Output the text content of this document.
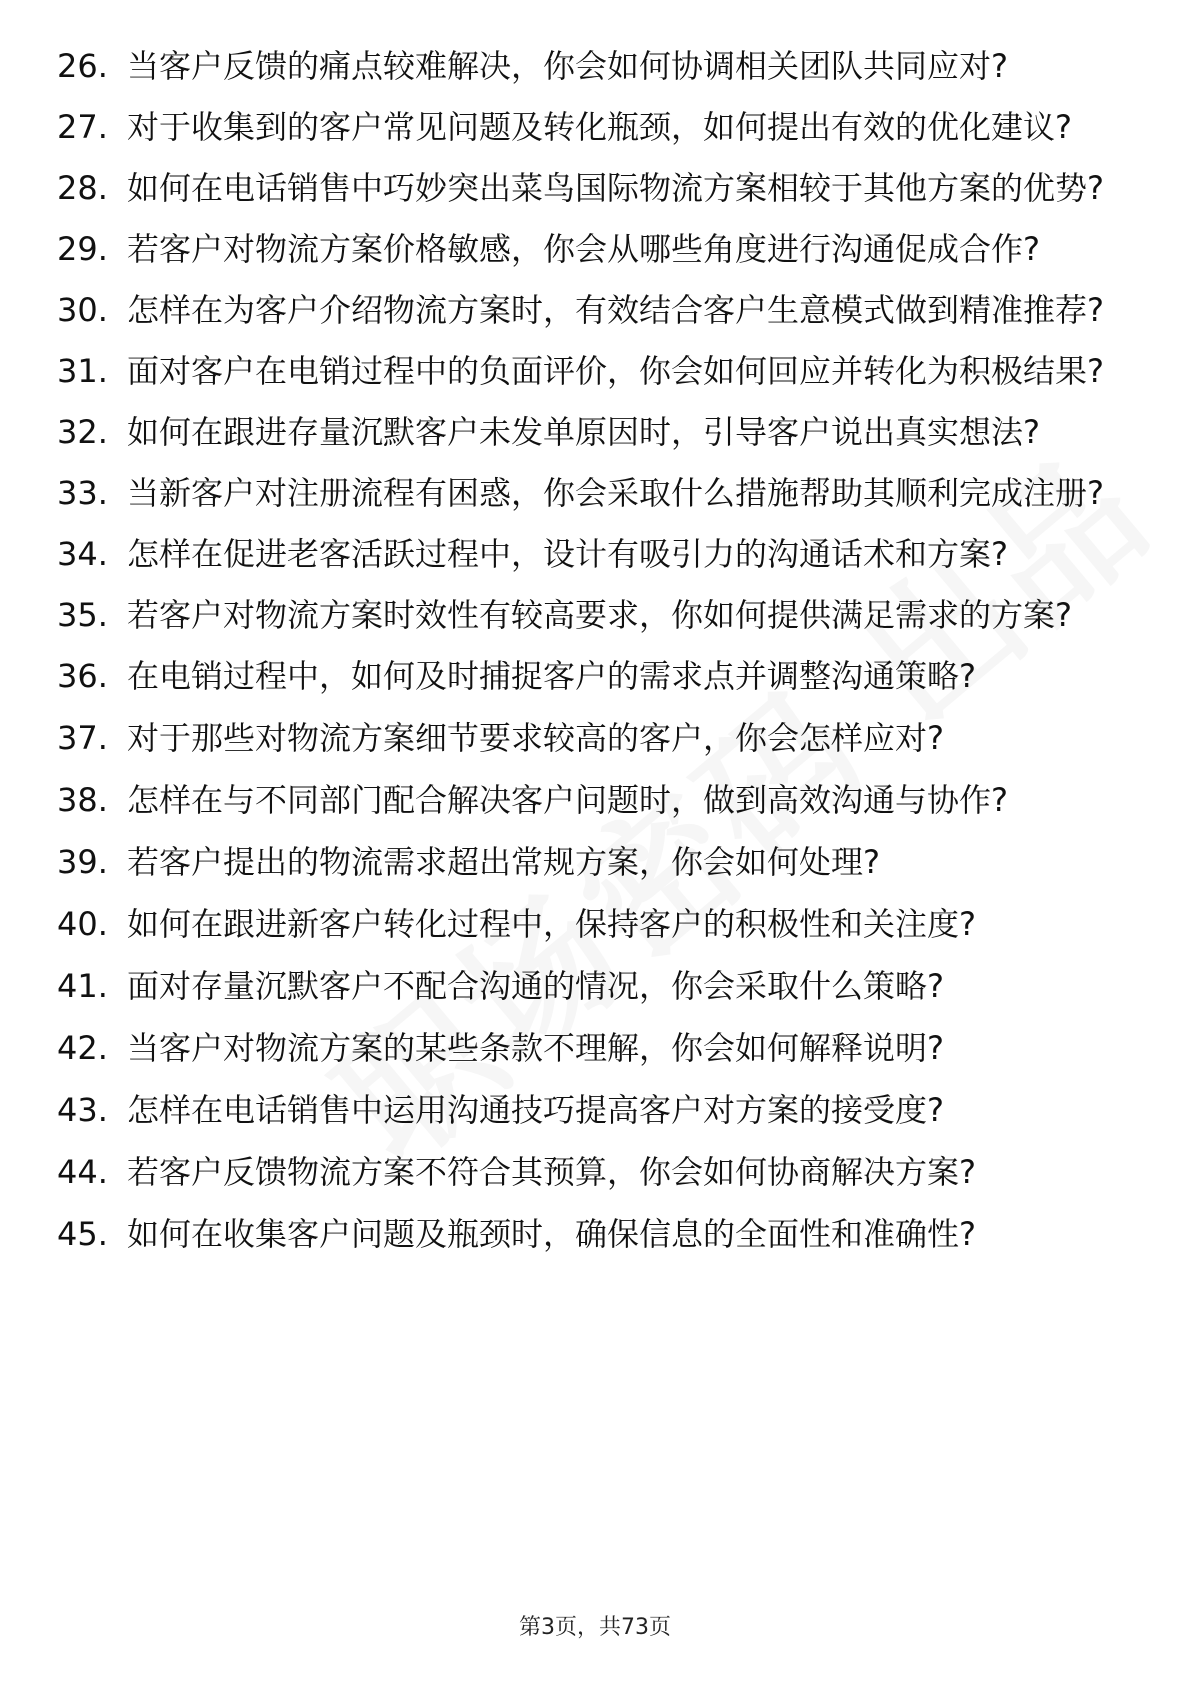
26. 当客户反馈的痛点较难解决，你会如何协调相关团队共同应对?
27. 对于收集到的客户常见问题及转化瓶颈，如何提出有效的优化建议?
28. 如何在电话销售中巧妙突出菜鸟国际物流方案相较于其他方案的优势?
29. 若客户对物流方案价格敏感，你会从哪些角度进行沟通促成合作?
30. 怎样在为客户介绍物流方案时，有效结合客户生意模式做到精准推荐?
31. 面对客户在电销过程中的负面评价，你会如何回应并转化为积极结果?
32. 如何在跟进存量沉默客户未发单原因时，引导客户说出真实想法?
33. 当新客户对注册流程有困惑，你会采取什么措施帮助其顺利完成注册?
34. 怎样在促进老客活跃过程中，设计有吸引力的沟通话术和方案?
35. 若客户对物流方案时效性有较高要求，你如何提供满足需求的方案?
36. 在电销过程中，如何及时捕捉客户的需求点并调整沟通策略?
37. 对于那些对物流方案细节要求较高的客户，你会怎样应对?
38. 怎样在与不同部门配合解决客户问题时，做到高效沟通与协作?
39. 若客户提出的物流需求超出常规方案，你会如何处理?
40. 如何在跟进新客户转化过程中，保持客户的积极性和关注度?
41. 面对存量沉默客户不配合沟通的情况，你会采取什么策略?
42. 当客户对物流方案的某些条款不理解，你会如何解释说明?
43. 怎样在电话销售中运用沟通技巧提高客户对方案的接受度?
44. 若客户反馈物流方案不符合其预算，你会如何协商解决方案?
45. 如何在收集客户问题及瓶颈时，确保信息的全面性和准确性?
第3页，共73页
